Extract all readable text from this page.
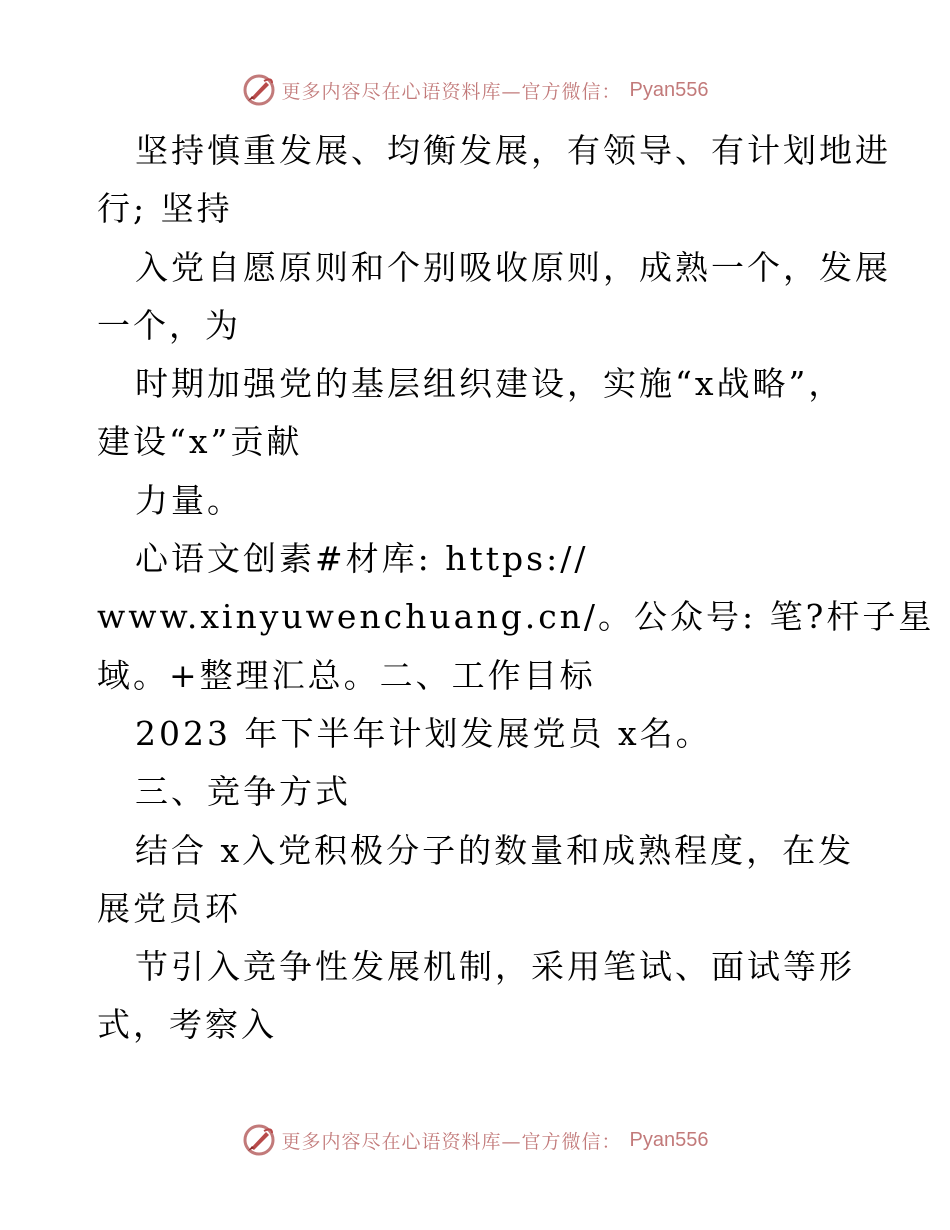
更多内容尽在心语资料库—官方微信： Pyan556
坚持慎重发展、均衡发展，有领导、有计划地进
行; 坚持
入党自愿原则和个别吸收原则，成熟一个，发展
一个，为
时期加强党的基层组织建设，实施“x战略”，
建设“x”贡献
力量。
心语文创素#材库: https://
www.xinyuwenchuang.cn/。公众号: 笔?杆子星
域。+整理汇总。二、工作目标
2023 年下半年计划发展党员 x名。
三、竞争方式
结合 x入党积极分子的数量和成熟程度，在发
展党员环
节引入竞争性发展机制，采用笔试、面试等形
式，考察入
更多内容尽在心语资料库—官方微信： Pyan556
